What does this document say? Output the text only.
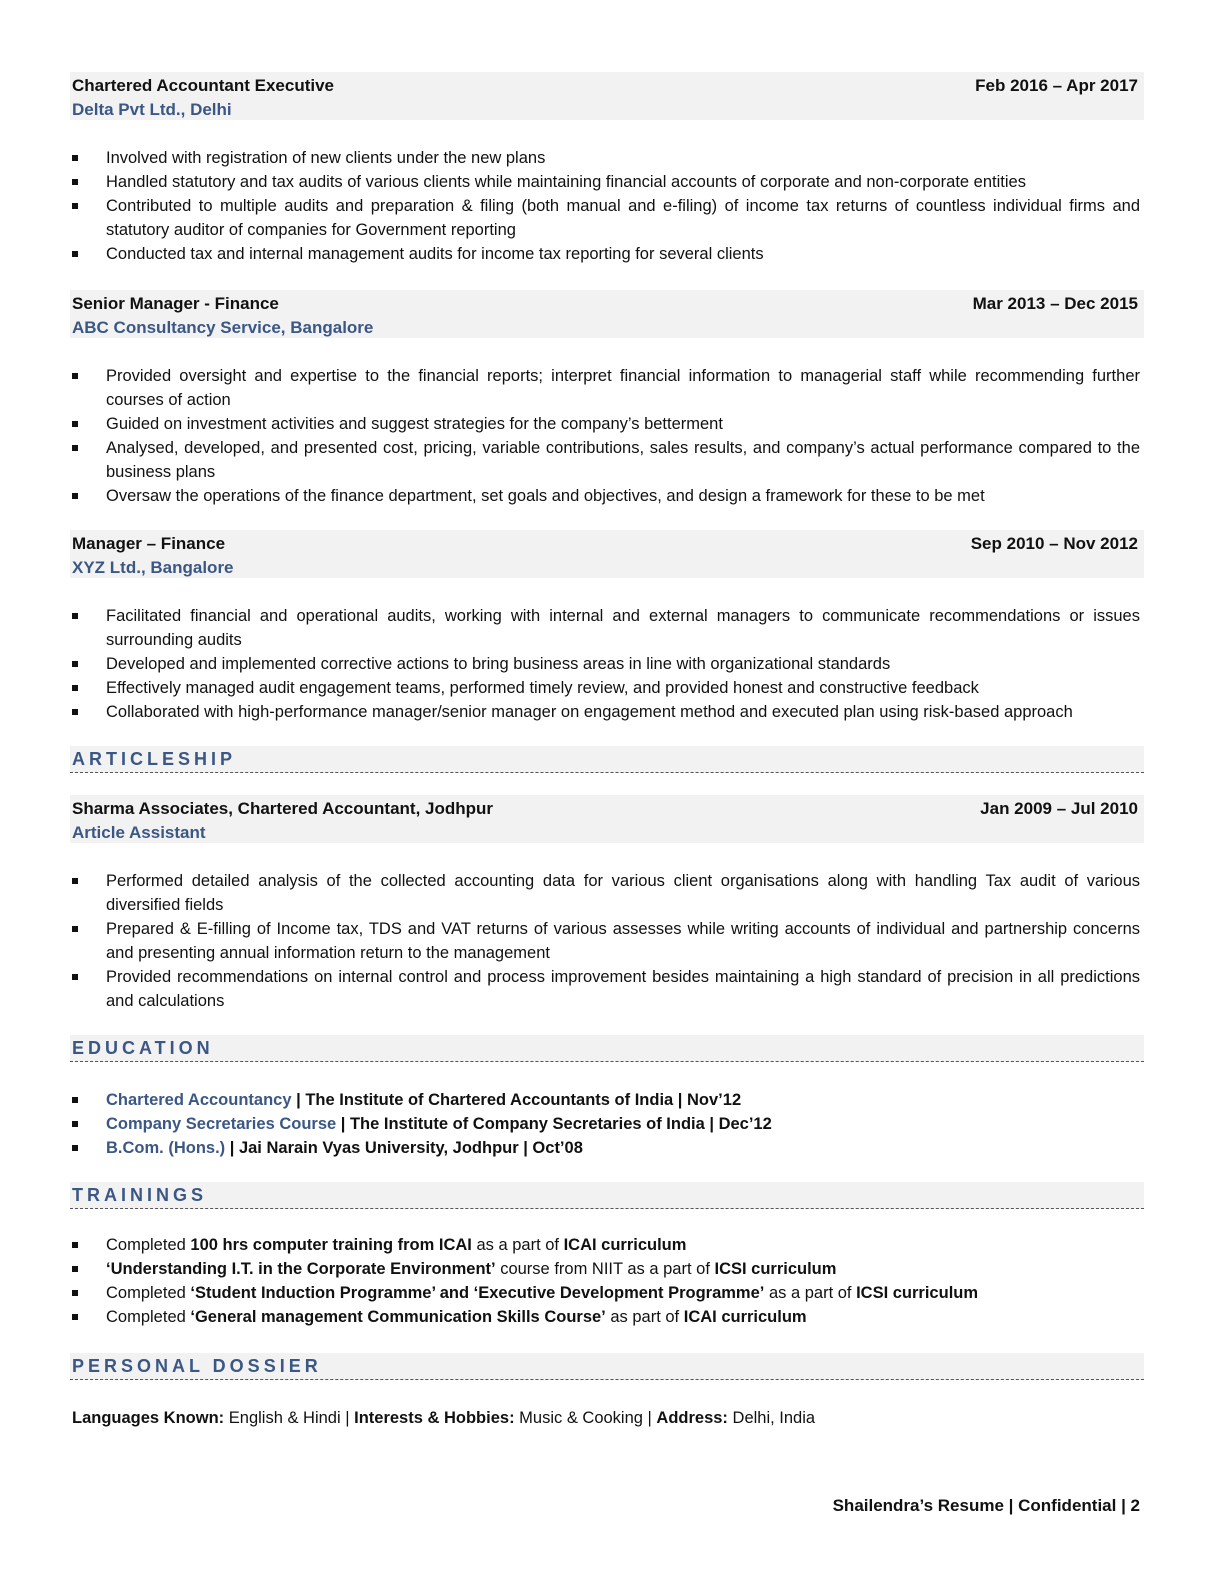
Chartered Accountant Executive	Feb 2016 – Apr 2017
Delta Pvt Ltd., Delhi
Involved with registration of new clients under the new plans
Handled statutory and tax audits of various clients while maintaining financial accounts of corporate and non-corporate entities
Contributed to multiple audits and preparation & filing (both manual and e-filing) of income tax returns of countless individual firms and statutory auditor of companies for Government reporting
Conducted tax and internal management audits for income tax reporting for several clients
Senior Manager - Finance	Mar 2013 – Dec 2015
ABC Consultancy Service, Bangalore
Provided oversight and expertise to the financial reports; interpret financial information to managerial staff while recommending further courses of action
Guided on investment activities and suggest strategies for the company’s betterment
Analysed, developed, and presented cost, pricing, variable contributions, sales results, and company’s actual performance compared to the business plans
Oversaw the operations of the finance department, set goals and objectives, and design a framework for these to be met
Manager – Finance	Sep 2010 – Nov 2012
XYZ Ltd., Bangalore
Facilitated financial and operational audits, working with internal and external managers to communicate recommendations or issues surrounding audits
Developed and implemented corrective actions to bring business areas in line with organizational standards
Effectively managed audit engagement teams, performed timely review, and provided honest and constructive feedback
Collaborated with high-performance manager/senior manager on engagement method and executed plan using risk-based approach
ARTICLESHIP
Sharma Associates, Chartered Accountant, Jodhpur	Jan 2009 – Jul 2010
Article Assistant
Performed detailed analysis of the collected accounting data for various client organisations along with handling Tax audit of various diversified fields
Prepared & E-filling of Income tax, TDS and VAT returns of various assesses while writing accounts of individual and partnership concerns and presenting annual information return to the management
Provided recommendations on internal control and process improvement besides maintaining a high standard of precision in all predictions and calculations
EDUCATION
Chartered Accountancy | The Institute of Chartered Accountants of India | Nov’12
Company Secretaries Course | The Institute of Company Secretaries of India | Dec’12
B.Com. (Hons.) | Jai Narain Vyas University, Jodhpur | Oct’08
TRAININGS
Completed 100 hrs computer training from ICAI as a part of ICAI curriculum
‘Understanding I.T. in the Corporate Environment’ course from NIIT as a part of ICSI curriculum
Completed ‘Student Induction Programme’ and ‘Executive Development Programme’ as a part of ICSI curriculum
Completed ‘General management Communication Skills Course’ as part of ICAI curriculum
PERSONAL DOSSIER
Languages Known: English & Hindi | Interests & Hobbies: Music & Cooking | Address: Delhi, India
Shailendra’s Resume | Confidential | 2
